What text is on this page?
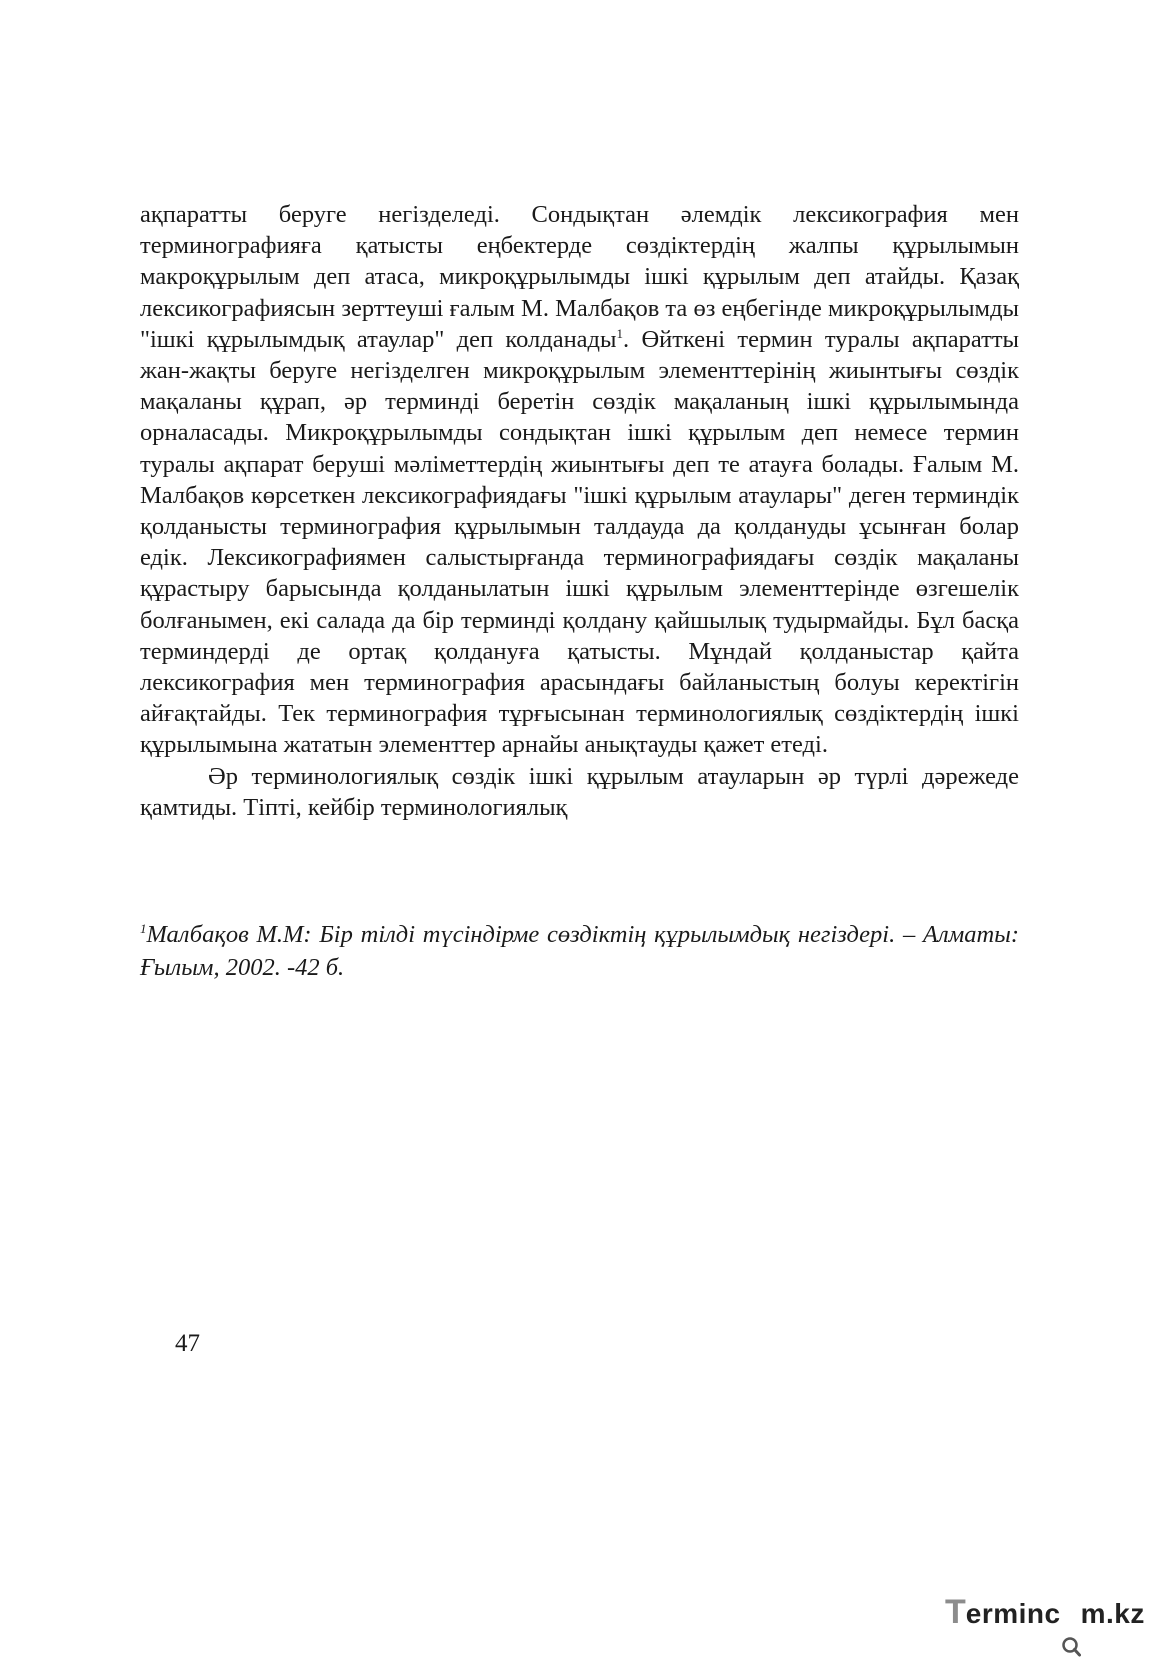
ақпаратты беруге негізделеді. Сондықтан әлемдік лексикография мен терминографияға қатысты еңбектерде сөздіктердің жалпы құрылымын макроқұрылым деп атаса, микроқұрылымды ішкі құрылым деп атайды. Қазақ лексикографиясын зерттеуші ғалым М. Малбақов та өз еңбегінде микроқұрылымды "ішкі құрылымдық атаулар" деп колданады$^1$. Өйткені термин туралы ақпаратты жан-жақты беруге негізделген микроқұрылым элементтерінің жиынтығы сөздік мақаланы құрап, әр терминді беретін сөздік мақаланың ішкі құрылымында орналасады. Микроқұрылымды сондықтан ішкі құрылым деп немесе термин туралы ақпарат беруші мәліметтердің жиынтығы деп те атауға болады. Ғалым М. Малбақов көрсеткен лексикографиядағы "ішкі құрылым атаулары" деген терминдік қолданысты терминография құрылымын талдауда да қолдануды ұсынған болар едік. Лексикографиямен салыстырғанда терминографиядағы сөздік мақаланы құрастыру барысында қолданылатын ішкі құрылым элементтерінде өзгешелік болғанымен, екі салада да бір терминді қолдану қайшылық тудырмайды. Бұл басқа терминдерді де ортақ қолдануға қатысты. Мұндай қолданыстар қайта лексикография мен терминография арасындағы байланыстың болуы керектігін айғақтайды. Тек терминография тұрғысынан терминологиялық сөздіктердің ішкі құрылымына жататын элементтер арнайы анықтауды қажет етеді.

Әр терминологиялық сөздік ішкі құрылым атауларын әр түрлі дәрежеде қамтиды. Тіпті, кейбір терминологиялық

$^1$Малбақов М.М: Бір тілді түсіндірме сөздіктің құрылымдық негіздері. – Алматы: Ғылым, 2002. -42 б.
47
Terminc m.kz
